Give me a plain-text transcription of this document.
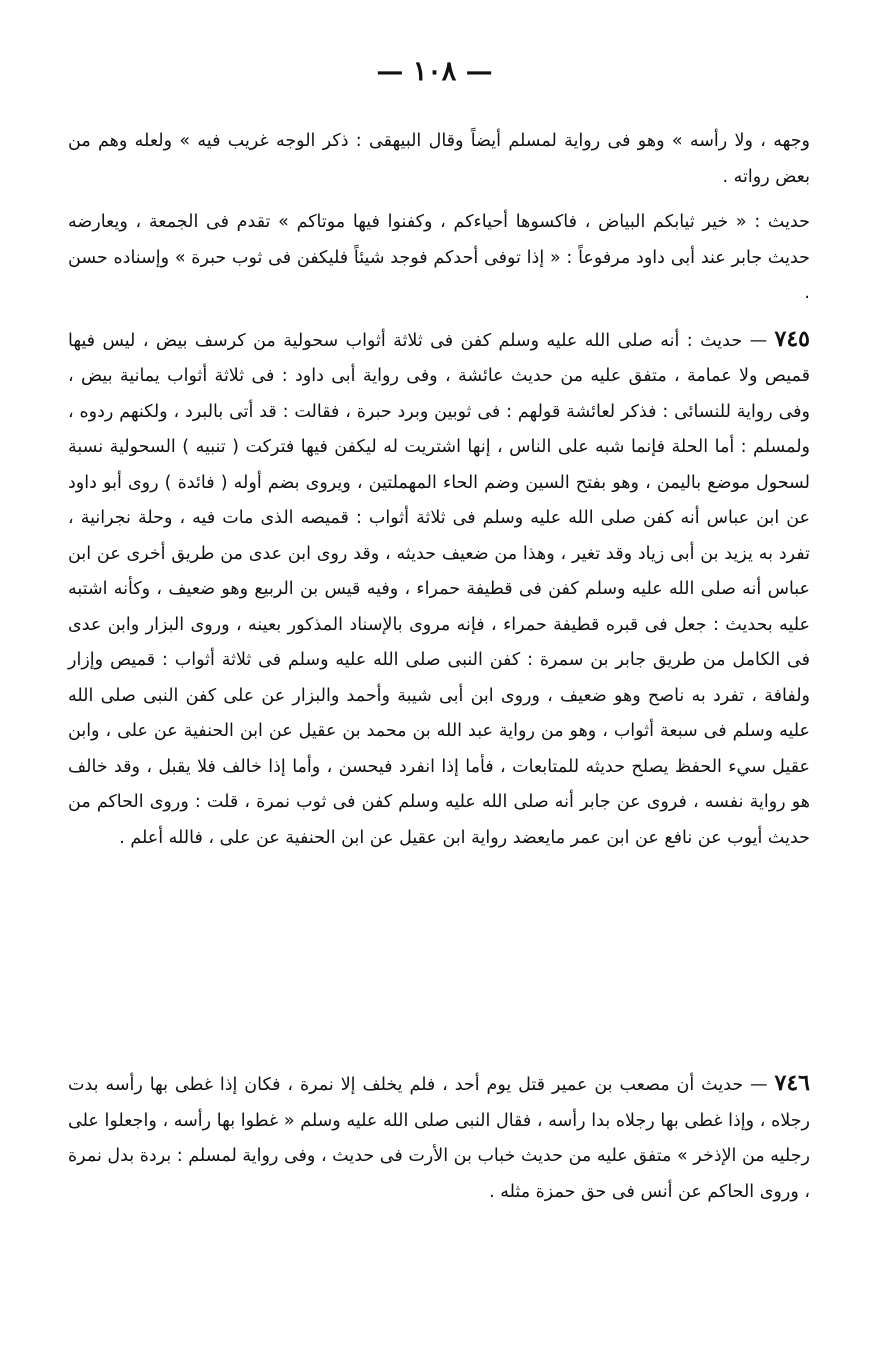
— ١٠٨ —

وجهه ، ولا رأسه » وهو فى رواية لمسلم أيضاً وقال البيهقى : ذكر الوجه غريب فيه » ولعله وهم من بعض رواته .

حديث : « خير ثيابكم البياض ، فاكسوها أحياءكم ، وكفنوا فيها موتاكم » تقدم فى الجمعة ، ويعارضه حديث جابر عند أبى داود مرفوعاً : « إذا توفى أحدكم فوجد شيئاً فليكفن فى ثوب حبرة » وإسناده حسن .

٧٤٥ — حديث : أنه صلى الله عليه وسلم كفن فى ثلاثة أثواب سحولية من كرسف بيض ، ليس فيها قميص ولا عمامة ، متفق عليه من حديث عائشة ، وفى رواية أبى داود : فى ثلاثة أثواب يمانية بيض ، وفى رواية للنسائى : فذكر لعائشة قولهم : فى ثوبين وبرد حبرة ، فقالت : قد أتى بالبرد ، ولكنهم ردوه ، ولمسلم : أما الحلة فإنما شبه على الناس ، إنها اشتريت له ليكفن فيها فتركت ( تنبيه ) السحولية نسبة لسحول موضع باليمن ، وهو بفتح السين وضم الحاء المهملتين ، ويروى بضم أوله ( فائدة ) روى أبو داود عن ابن عباس أنه كفن صلى الله عليه وسلم فى ثلاثة أثواب : قميصه الذى مات فيه ، وحلة نجرانية ، تفرد به يزيد بن أبى زياد وقد تغير ، وهذا من ضعيف حديثه ، وقد روى ابن عدى من طريق أخرى عن ابن عباس أنه صلى الله عليه وسلم كفن فى قطيفة حمراء ، وفيه قيس بن الربيع وهو ضعيف ، وكأنه اشتبه عليه بحديث : جعل فى قبره قطيفة حمراء ، فإنه مروى بالإسناد المذكور بعينه ، وروى البزار وابن عدى فى الكامل من طريق جابر بن سمرة : كفن النبى صلى الله عليه وسلم فى ثلاثة أثواب : قميص وإزار ولفافة ، تفرد به ناصح وهو ضعيف ، وروى ابن أبى شيبة وأحمد والبزار عن على كفن النبى صلى الله عليه وسلم فى سبعة أثواب ، وهو من رواية عبد الله بن محمد بن عقيل عن ابن الحنفية عن على ، وابن عقيل سيء الحفظ يصلح حديثه للمتابعات ، فأما إذا انفرد فيحسن ، وأما إذا خالف فلا يقبل ، وقد خالف هو رواية نفسه ، فروى عن جابر أنه صلى الله عليه وسلم كفن فى ثوب نمرة ، قلت : وروى الحاكم من حديث أيوب عن نافع عن ابن عمر مايعضد رواية ابن عقيل عن ابن الحنفية عن على ، فالله أعلم .

٧٤٦ — حديث أن مصعب بن عمير قتل يوم أحد ، فلم يخلف إلا نمرة ، فكان إذا غطى بها رأسه بدت رجلاه ، وإذا غطى بها رجلاه بدا رأسه ، فقال النبى صلى الله عليه وسلم « غطوا بها رأسه ، واجعلوا على رجليه من الإذخر » متفق عليه من حديث خباب بن الأرت فى حديث ، وفى رواية لمسلم : بردة بدل نمرة ، وروى الحاكم عن أنس فى حق حمزة مثله .
